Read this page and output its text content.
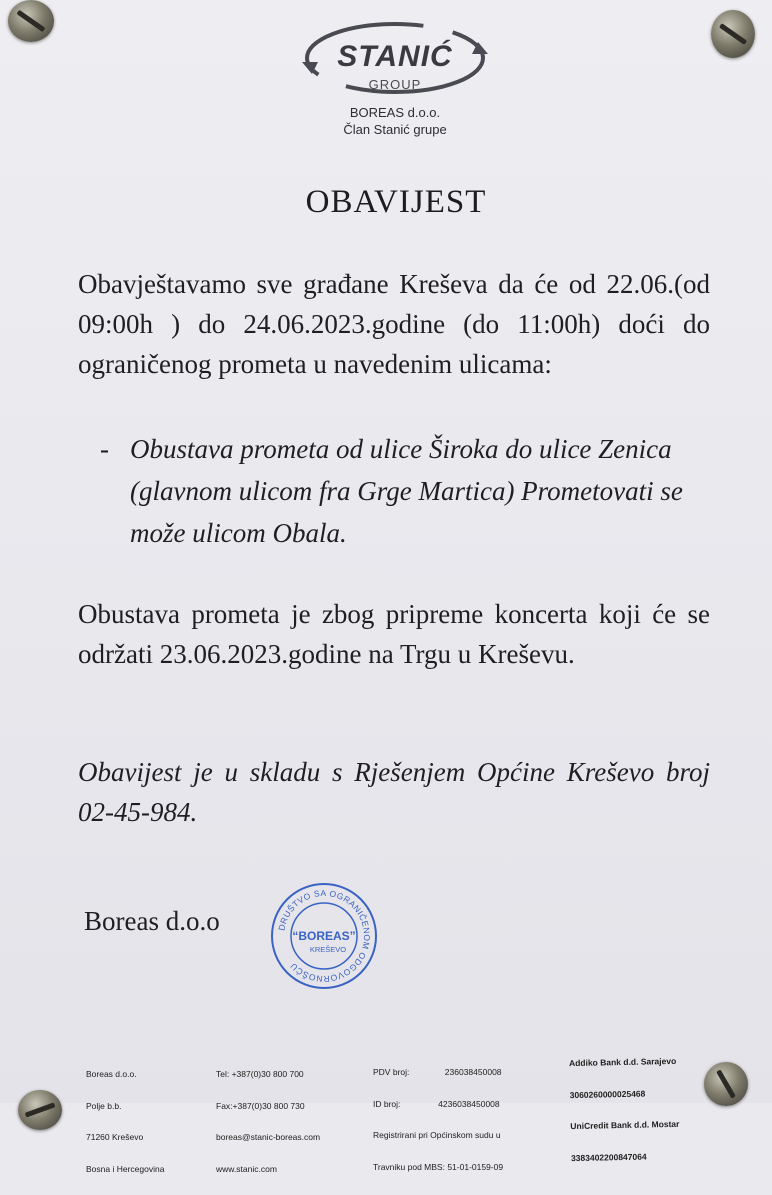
STANIĆ
GROUP
BOREAS d.o.o.
Član Stanić grupe
OBAVIJEST
Obavještavamo sve građane Kreševa da će od 22.06.(od 09:00h ) do 24.06.2023.godine (do 11:00h) doći do ograničenog prometa u navedenim ulicama:
- Obustava prometa od ulice Široka do ulice Zenica (glavnom ulicom fra Grge Martica) Prometovati se može ulicom Obala.
Obustava prometa je zbog pripreme koncerta koji će se održati 23.06.2023.godine na Trgu u Kreševu.
Obavijest je u skladu s Rješenjem Općine Kreševo broj 02-45-984.
Boreas d.o.o	DRUŠTVO SA OGRANIČENOM ODGOVORNOŠĆU
“BOREAS”
KREŠEVO

Boreas d.o.o.

Polje b.b.

71260 Kreševo

Bosna i Hercegovina

Tel: +387(0)30 800 700

Fax:+387(0)30 800 730

boreas@stanic-boreas.com

www.stanic.com

PDV broj:               236038450008

ID broj:                4236038450008

Registrirani pri Općinskom sudu u

Travniku pod MBS: 51-01-0159-09

Addiko Bank d.d. Sarajevo

3060260000025468

UniCredit Bank d.d. Mostar

3383402200847064
